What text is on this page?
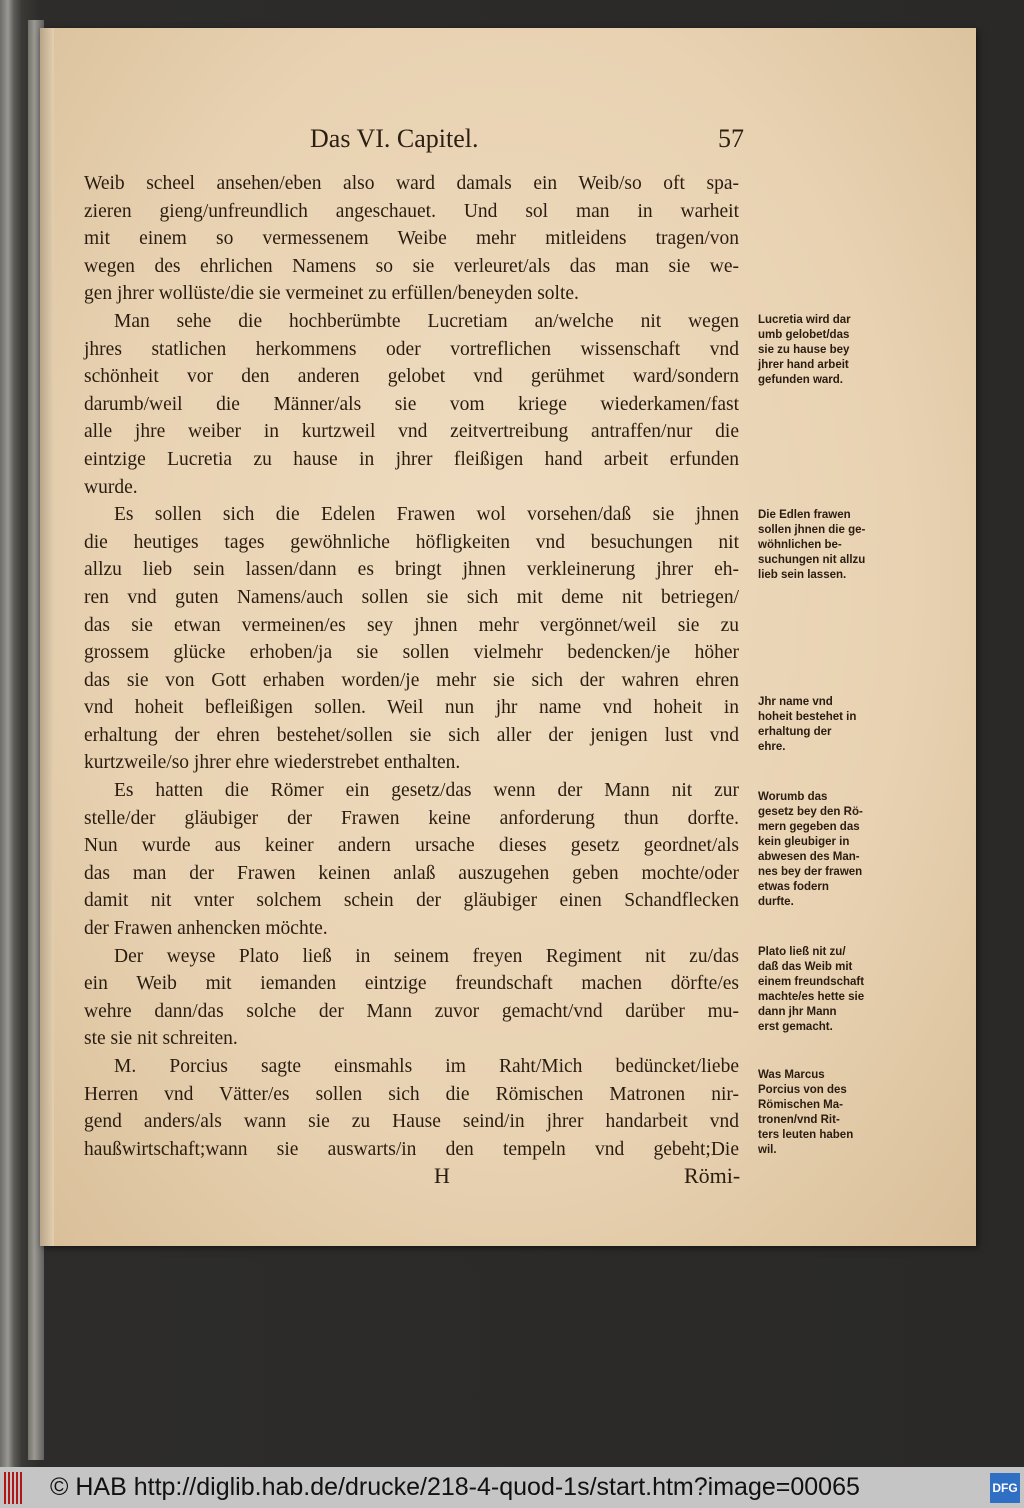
Das VI. Capitel.	57
Weib scheel ansehen/eben also ward damals ein Weib/so oft spa-
zieren gieng/unfreundlich angeschauet. Und sol man in warheit
mit einem so vermessenem Weibe mehr mitleidens tragen/von
wegen des ehrlichen Namens so sie verleuret/als das man sie we-
gen jhrer wollüste/die sie vermeinet zu erfüllen/beneyden solte.
Man sehe die hochberümbte Lucretiam an/welche nit wegen
jhres statlichen herkommens oder vortreflichen wissenschaft vnd
schönheit vor den anderen gelobet vnd gerühmet ward/sondern
darumb/weil die Männer/als sie vom kriege wiederkamen/fast
alle jhre weiber in kurtzweil vnd zeitvertreibung antraffen/nur die
eintzige Lucretia zu hause in jhrer fleißigen hand arbeit erfunden
wurde.
Es sollen sich die Edelen Frawen wol vorsehen/daß sie jhnen
die heutiges tages gewöhnliche höfligkeiten vnd besuchungen nit
allzu lieb sein lassen/dann es bringt jhnen verkleinerung jhrer eh-
ren vnd guten Namens/auch sollen sie sich mit deme nit betriegen/
das sie etwan vermeinen/es sey jhnen mehr vergönnet/weil sie zu
grossem glücke erhoben/ja sie sollen vielmehr bedencken/je höher
das sie von Gott erhaben worden/je mehr sie sich der wahren ehren
vnd hoheit befleißigen sollen. Weil nun jhr name vnd hoheit in
erhaltung der ehren bestehet/sollen sie sich aller der jenigen lust vnd
kurtzweile/so jhrer ehre wiederstrebet enthalten.
Es hatten die Römer ein gesetz/das wenn der Mann nit zur
stelle/der gläubiger der Frawen keine anforderung thun dorfte.
Nun wurde aus keiner andern ursache dieses gesetz geordnet/als
das man der Frawen keinen anlaß auszugehen geben mochte/oder
damit nit vnter solchem schein der gläubiger einen Schandflecken
der Frawen anhencken möchte.
Der weyse Plato ließ in seinem freyen Regiment nit zu/das
ein Weib mit iemanden eintzige freundschaft machen dörfte/es
wehre dann/das solche der Mann zuvor gemacht/vnd darüber mu-
ste sie nit schreiten.
M. Porcius sagte einsmahls im Raht/Mich bedüncket/liebe
Herren vnd Vätter/es sollen sich die Römischen Matronen nir-
gend anders/als wann sie zu Hause seind/in jhrer handarbeit vnd
haußwirtschaft;wann sie auswarts/in den tempeln vnd gebeht;Die
Lucretia wird dar
umb gelobet/das
sie zu hause bey
jhrer hand arbeit
gefunden ward.
Die Edlen frawen
sollen jhnen die ge-
wöhnlichen be-
suchungen nit allzu
lieb sein lassen.
Jhr name vnd
hoheit bestehet in
erhaltung der
ehre.
Worumb das
gesetz bey den Rö-
mern gegeben das
kein gleubiger in
abwesen des Man-
nes bey der frawen
etwas fodern
durfte.
Plato ließ nit zu/
daß das Weib mit
einem freundschaft
machte/es hette sie
dann jhr Mann
erst gemacht.
Was Marcus
Porcius von des
Römischen Ma-
tronen/vnd Rit-
ters leuten haben
wil.
H	Römi-
© HAB http://diglib.hab.de/drucke/218-4-quod-1s/start.htm?image=00065	DFG
